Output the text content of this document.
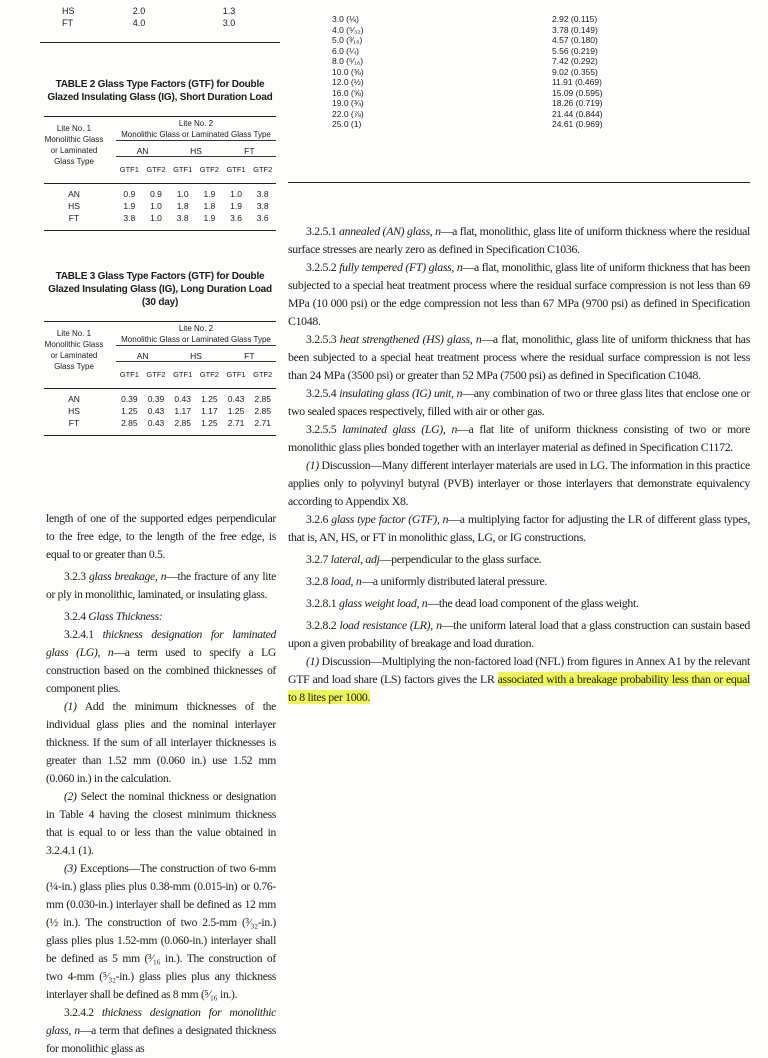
HS	2.0	1.3
FT	4.0	3.0
TABLE 2 Glass Type Factors (GTF) for Double Glazed Insulating Glass (IG), Short Duration Load
Lite No. 1 Monolithic Glass or Laminated Glass Type
Lite No. 2
Monolithic Glass or Laminated Glass Type
AN	HS	FT
GTF1	GTF2	GTF1	GTF2	GTF1	GTF2
AN	0.9	0.9	1.0	1.9	1.0	3.8
HS	1.9	1.0	1.8	1.8	1.9	3.8
FT	3.8	1.0	3.8	1.9	3.6	3.6
TABLE 3 Glass Type Factors (GTF) for Double Glazed Insulating Glass (IG), Long Duration Load (30 day)
Lite No. 1 Monolithic Glass or Laminated Glass Type
Lite No. 2
Monolithic Glass or Laminated Glass Type
AN	HS	FT
GTF1	GTF2	GTF1	GTF2	GTF1	GTF2
AN	0.39	0.39	0.43	1.25	0.43	2.85
HS	1.25	0.43	1.17	1.17	1.25	2.85
FT	2.85	0.43	2.85	1.25	2.71	2.71

length of one of the supported edges perpendicular to the free edge, to the length of the free edge, is equal to or greater than 0.5.

3.2.3 glass breakage, n—the fracture of any lite or ply in monolithic, laminated, or insulating glass.

3.2.4 Glass Thickness:

3.2.4.1 thickness designation for laminated glass (LG), n—a term used to specify a LG construction based on the combined thicknesses of component plies.

(1) Add the minimum thicknesses of the individual glass plies and the nominal interlayer thickness. If the sum of all interlayer thicknesses is greater than 1.52 mm (0.060 in.) use 1.52 mm (0.060 in.) in the calculation.

(2) Select the nominal thickness or designation in Table 4 having the closest minimum thickness that is equal to or less than the value obtained in 3.2.4.1 (1).

(3) Exceptions—The construction of two 6-mm (¼-in.) glass plies plus 0.38-mm (0.015-in) or 0.76-mm (0.030-in.) interlayer shall be defined as 12 mm (½ in.). The construction of two 2.5-mm (³⁄₃₂-in.) glass plies plus 1.52-mm (0.060-in.) interlayer shall be defined as 5 mm (³⁄₁₆ in.). The construction of two 4-mm (⁵⁄₃₂-in.) glass plies plus any thickness interlayer shall be defined as 8 mm (⁵⁄₁₆ in.).

3.2.4.2 thickness designation for monolithic glass, n—a term that defines a designated thickness for monolithic glass as

3.0 (⅛)	2.92 (0.115)
4.0 (⁵⁄₃₂)	3.78 (0.149)
5.0 (³⁄₁₆)	4.57 (0.180)
6.0 (¼)	5.56 (0.219)
8.0 (⁵⁄₁₆)	7.42 (0.292)
10.0 (⅜)	9.02 (0.355)
12.0 (½)	11.91 (0.469)
16.0 (⅝)	15.09 (0.595)
19.0 (¾)	18.26 (0.719)
22.0 (⅞)	21.44 (0.844)
25.0 (1)	24.61 (0.969)

3.2.5.1 annealed (AN) glass, n—a flat, monolithic, glass lite of uniform thickness where the residual surface stresses are nearly zero as defined in Specification C1036.

3.2.5.2 fully tempered (FT) glass, n—a flat, monolithic, glass lite of uniform thickness that has been subjected to a special heat treatment process where the residual surface compression is not less than 69 MPa (10 000 psi) or the edge compression not less than 67 MPa (9700 psi) as defined in Specification C1048.

3.2.5.3 heat strengthened (HS) glass, n—a flat, monolithic, glass lite of uniform thickness that has been subjected to a special heat treatment process where the residual surface compression is not less than 24 MPa (3500 psi) or greater than 52 MPa (7500 psi) as defined in Specification C1048.

3.2.5.4 insulating glass (IG) unit, n—any combination of two or three glass lites that enclose one or two sealed spaces respectively, filled with air or other gas.

3.2.5.5 laminated glass (LG), n—a flat lite of uniform thickness consisting of two or more monolithic glass plies bonded together with an interlayer material as defined in Specification C1172.

(1) Discussion—Many different interlayer materials are used in LG. The information in this practice applies only to polyvinyl butyral (PVB) interlayer or those interlayers that demonstrate equivalency according to Appendix X8.

3.2.6 glass type factor (GTF), n—a multiplying factor for adjusting the LR of different glass types, that is, AN, HS, or FT in monolithic glass, LG, or IG constructions.

3.2.7 lateral, adj—perpendicular to the glass surface.

3.2.8 load, n—a uniformly distributed lateral pressure.

3.2.8.1 glass weight load, n—the dead load component of the glass weight.

3.2.8.2 load resistance (LR), n—the uniform lateral load that a glass construction can sustain based upon a given probability of breakage and load duration.

(1) Discussion—Multiplying the non-factored load (NFL) from figures in Annex A1 by the relevant GTF and load share (LS) factors gives the LR associated with a breakage probability less than or equal to 8 lites per 1000.
